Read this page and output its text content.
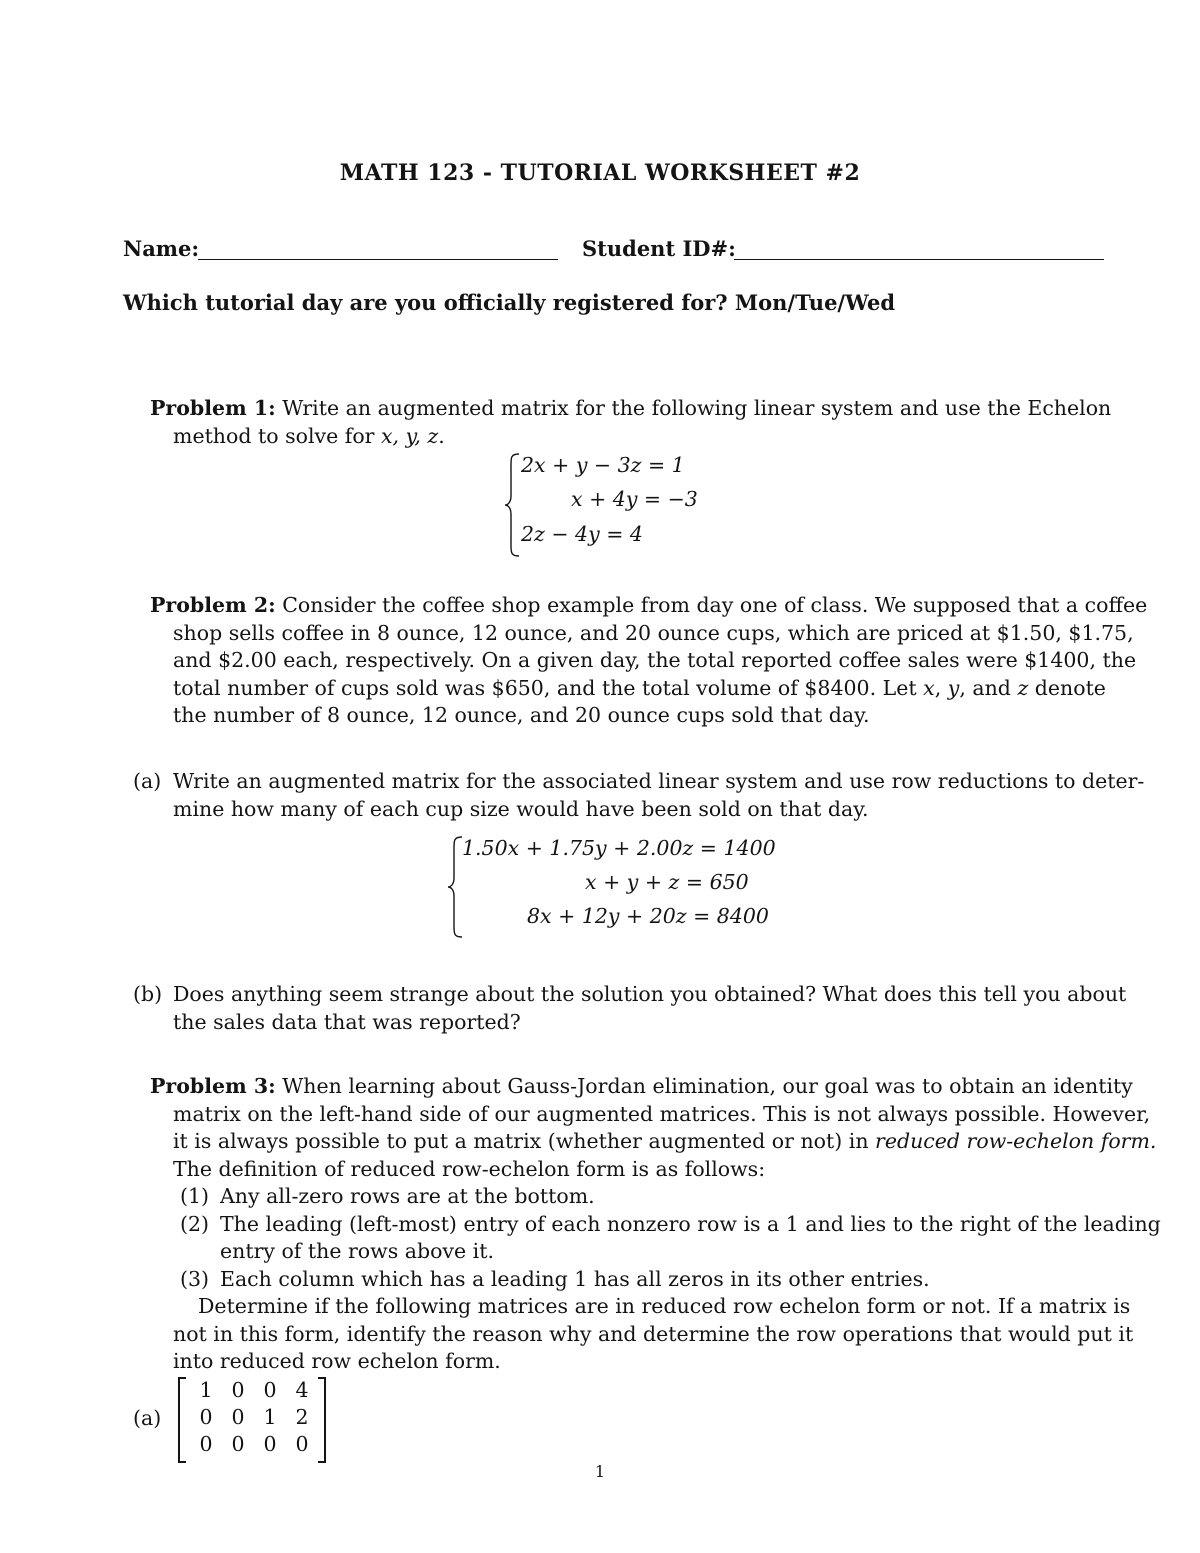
MATH 123 - TUTORIAL WORKSHEET #2
Name:	Student ID#:
Which tutorial day are you officially registered for? Mon/Tue/Wed
Problem 1: Write an augmented matrix for the following linear system and use the Echelon
method to solve for x, y, z.
2x + y − 3z = 1
x + 4y = −3
2z − 4y = 4
Problem 2: Consider the coffee shop example from day one of class. We supposed that a coffee
shop sells coffee in 8 ounce, 12 ounce, and 20 ounce cups, which are priced at $1.50, $1.75,
and $2.00 each, respectively. On a given day, the total reported coffee sales were $1400, the
total number of cups sold was $650, and the total volume of $8400. Let x, y, and z denote
the number of 8 ounce, 12 ounce, and 20 ounce cups sold that day.
(a) Write an augmented matrix for the associated linear system and use row reductions to deter-
mine how many of each cup size would have been sold on that day.
1.50x + 1.75y + 2.00z = 1400
x + y + z = 650
8x + 12y + 20z = 8400
(b) Does anything seem strange about the solution you obtained? What does this tell you about
the sales data that was reported?
Problem 3: When learning about Gauss-Jordan elimination, our goal was to obtain an identity
matrix on the left-hand side of our augmented matrices. This is not always possible. However,
it is always possible to put a matrix (whether augmented or not) in reduced row-echelon form.
The definition of reduced row-echelon form is as follows:
(1) Any all-zero rows are at the bottom.
(2) The leading (left-most) entry of each nonzero row is a 1 and lies to the right of the leading
entry of the rows above it.
(3) Each column which has a leading 1 has all zeros in its other entries.
Determine if the following matrices are in reduced row echelon form or not. If a matrix is
not in this form, identify the reason why and determine the row operations that would put it
into reduced row echelon form.
(a)
1 0 0 4
0 0 1 2
0 0 0 0
1
